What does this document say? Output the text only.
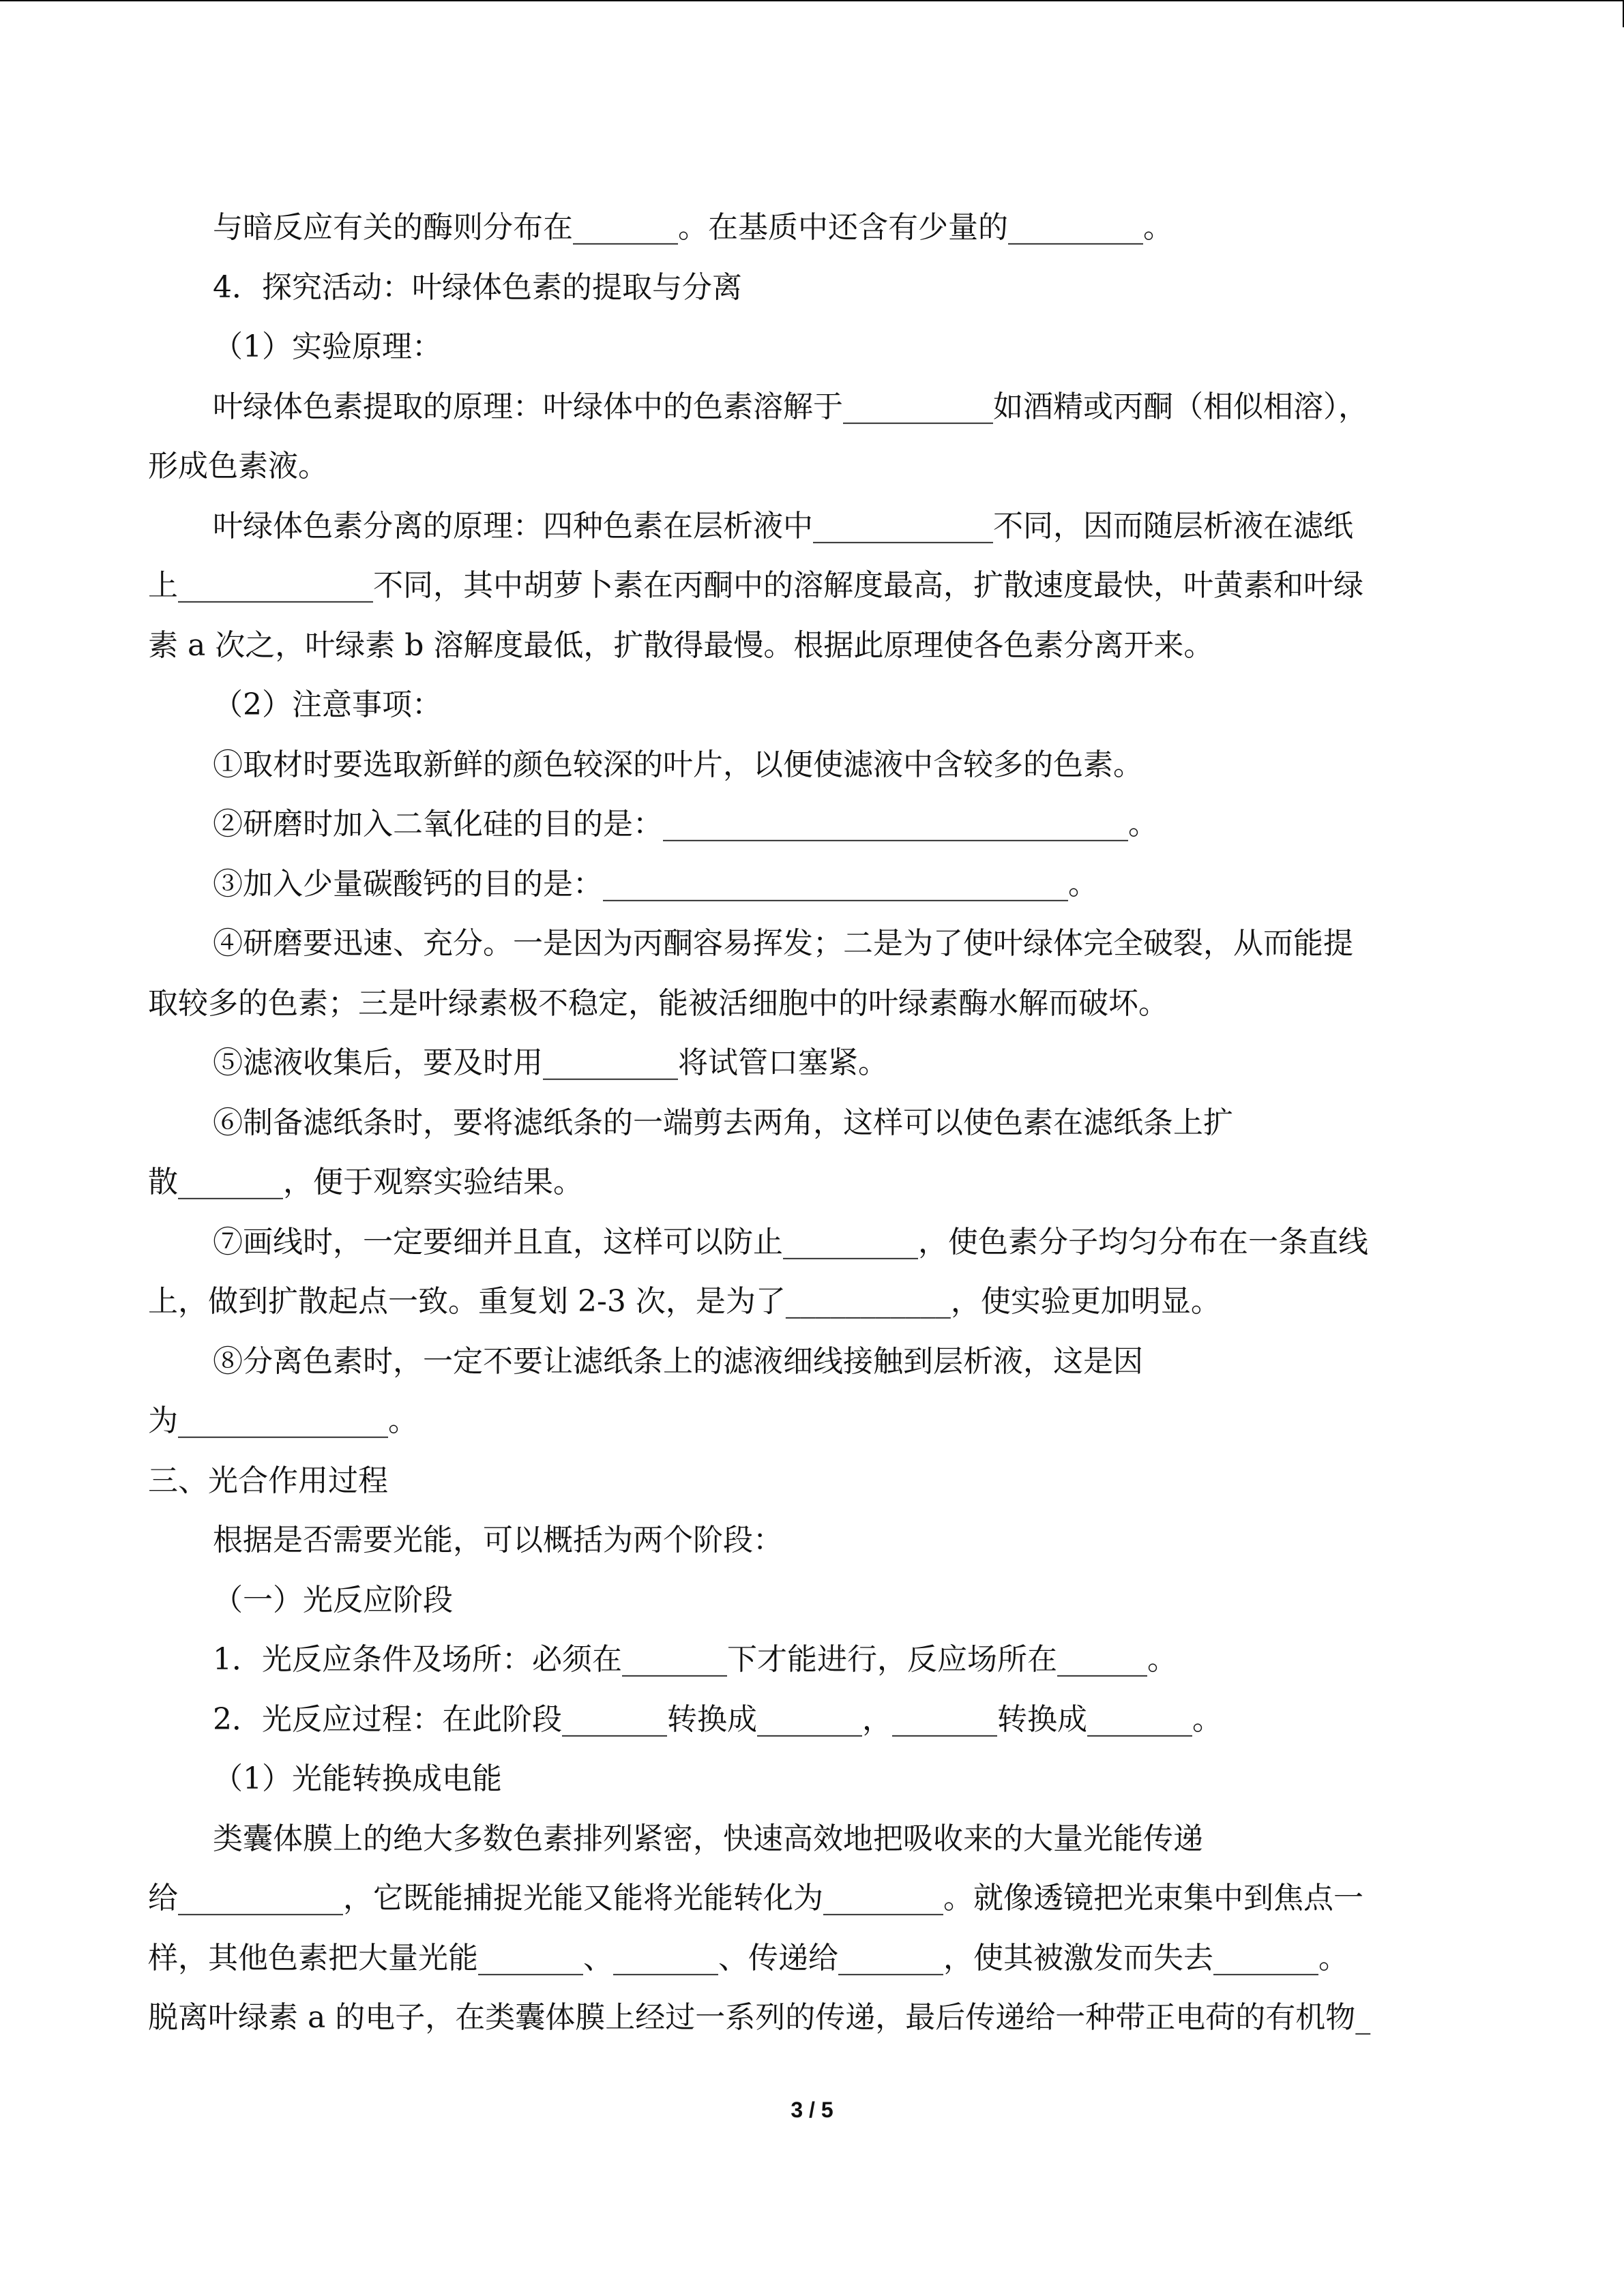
与暗反应有关的酶则分布在_______。在基质中还含有少量的_________。
4．探究活动：叶绿体色素的提取与分离
（1）实验原理：
叶绿体色素提取的原理：叶绿体中的色素溶解于__________如酒精或丙酮（相似相溶），
形成色素液。
叶绿体色素分离的原理：四种色素在层析液中____________不同，因而随层析液在滤纸
上_____________不同，其中胡萝卜素在丙酮中的溶解度最高，扩散速度最快，叶黄素和叶绿
素 a 次之，叶绿素 b 溶解度最低，扩散得最慢。根据此原理使各色素分离开来。
（2）注意事项：
①取材时要选取新鲜的颜色较深的叶片，以便使滤液中含较多的色素。
②研磨时加入二氧化硅的目的是：_______________________________。
③加入少量碳酸钙的目的是：_______________________________。
④研磨要迅速、充分。一是因为丙酮容易挥发；二是为了使叶绿体完全破裂，从而能提
取较多的色素；三是叶绿素极不稳定，能被活细胞中的叶绿素酶水解而破坏。
⑤滤液收集后，要及时用_________将试管口塞紧。
⑥制备滤纸条时，要将滤纸条的一端剪去两角，这样可以使色素在滤纸条上扩
散_______，便于观察实验结果。
⑦画线时，一定要细并且直，这样可以防止_________，使色素分子均匀分布在一条直线
上，做到扩散起点一致。重复划 2-3 次，是为了___________，使实验更加明显。
⑧分离色素时，一定不要让滤纸条上的滤液细线接触到层析液，这是因
为______________。
三、光合作用过程
根据是否需要光能，可以概括为两个阶段：
（一）光反应阶段
1．光反应条件及场所：必须在_______下才能进行，反应场所在______。
2．光反应过程：在此阶段_______转换成_______，_______转换成_______。
（1）光能转换成电能
类囊体膜上的绝大多数色素排列紧密，快速高效地把吸收来的大量光能传递
给___________，它既能捕捉光能又能将光能转化为________。就像透镜把光束集中到焦点一
样，其他色素把大量光能_______、_______、传递给_______，使其被激发而失去_______。
脱离叶绿素 a 的电子，在类囊体膜上经过一系列的传递，最后传递给一种带正电荷的有机物_
3 / 5
